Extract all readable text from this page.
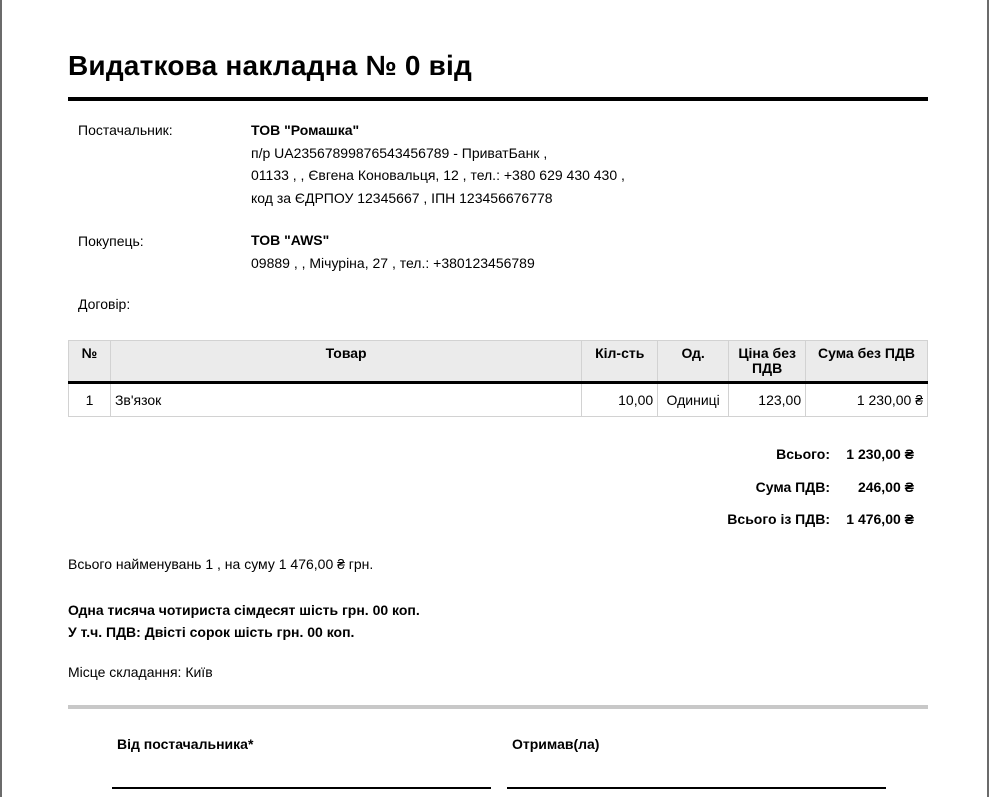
Видаткова накладна № 0 від
Постачальник:	ТОВ "Ромашка"
п/р UA235678998765434567​89 - ПриватБанк ,
01133 , , Євгена Коновальця, 12 , тел.: +380 629 430 430 ,
код за ЄДРПОУ 12345667 , ІПН 123456676778
Покупець:	ТОВ "AWS"
09889 , , Мічуріна, 27 , тел.: +380123456789
Договір:
№	Товар	Кіл-сть	Од.	Ціна без ПДВ	Сума без ПДВ
1	Зв'язок	10,00	Одиниці	123,00	1 230,00 ₴
Всього:	1 230,00 ₴
Сума ПДВ:	246,00 ₴
Всього із ПДВ:	1 476,00 ₴
Всього найменувань 1 , на суму 1 476,00 ₴ грн.
Одна тисяча чотириста сімдесят шість грн. 00 коп.
У т.ч. ПДВ: Двісті сорок шість грн. 00 коп.
Місце складання: Київ
Від постачальника*	Отримав(ла)
